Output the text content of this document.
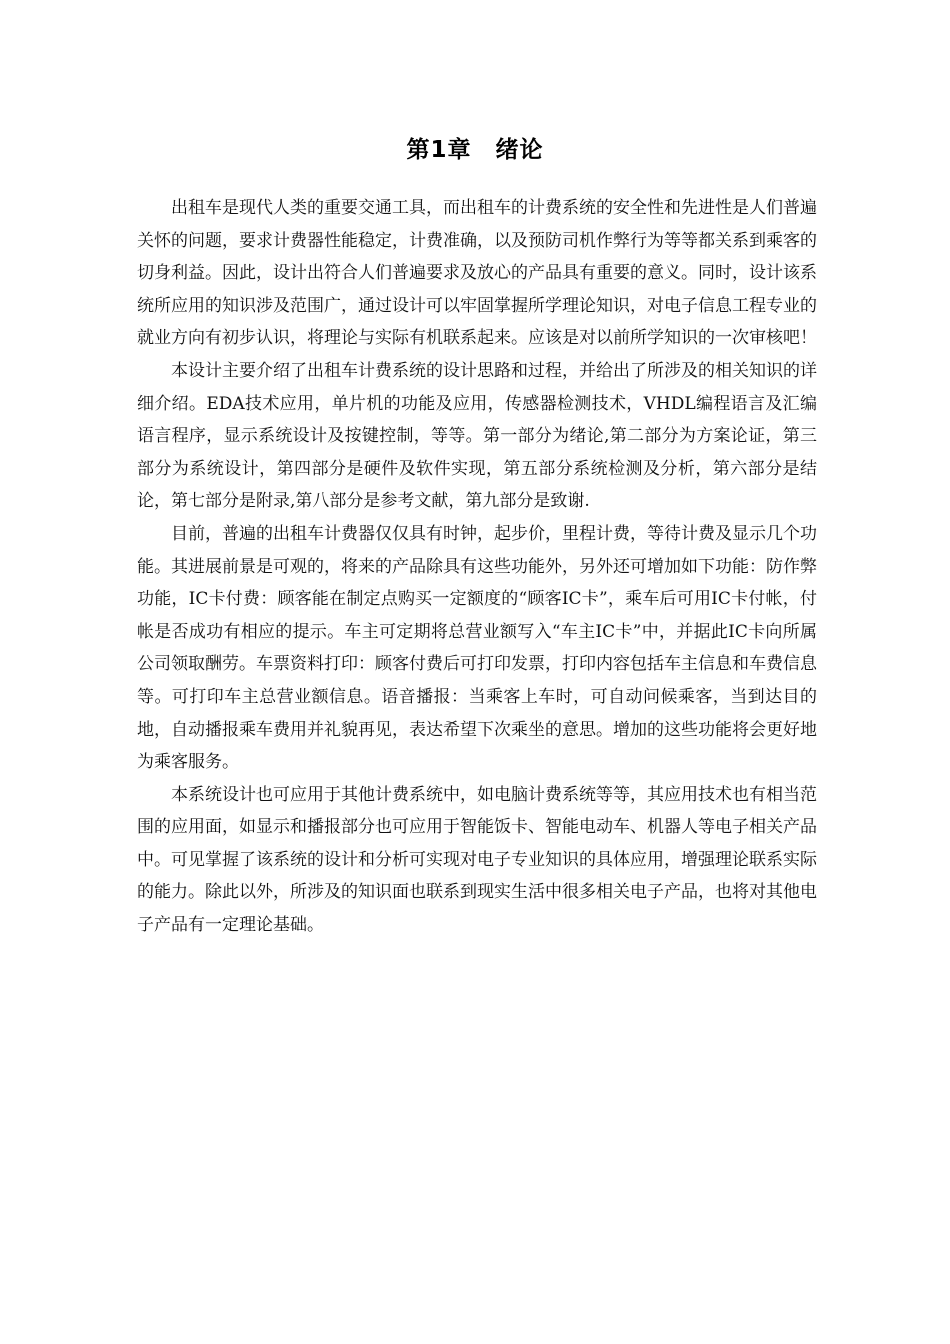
第1章　绪论

出租车是现代人类的重要交通工具，而出租车的计费系统的安全性和先进性是人们普遍关怀的问题，要求计费器性能稳定，计费准确，以及预防司机作弊行为等等都关系到乘客的切身利益。因此，设计出符合人们普遍要求及放心的产品具有重要的意义。同时，设计该系统所应用的知识涉及范围广，通过设计可以牢固掌握所学理论知识，对电子信息工程专业的就业方向有初步认识，将理论与实际有机联系起来。应该是对以前所学知识的一次审核吧！

本设计主要介绍了出租车计费系统的设计思路和过程，并给出了所涉及的相关知识的详细介绍。EDA技术应用，单片机的功能及应用，传感器检测技术，VHDL编程语言及汇编语言程序，显示系统设计及按键控制，等等。第一部分为绪论,第二部分为方案论证，第三部分为系统设计，第四部分是硬件及软件实现，第五部分系统检测及分析，第六部分是结论，第七部分是附录,第八部分是参考文献，第九部分是致谢.

目前，普遍的出租车计费器仅仅具有时钟，起步价，里程计费，等待计费及显示几个功能。其进展前景是可观的，将来的产品除具有这些功能外，另外还可增加如下功能：防作弊功能，IC卡付费：顾客能在制定点购买一定额度的“顾客IC卡”，乘车后可用IC卡付帐，付帐是否成功有相应的提示。车主可定期将总营业额写入“车主IC卡”中，并据此IC卡向所属公司领取酬劳。车票资料打印：顾客付费后可打印发票，打印内容包括车主信息和车费信息等。可打印车主总营业额信息。语音播报：当乘客上车时，可自动问候乘客，当到达目的地，自动播报乘车费用并礼貌再见，表达希望下次乘坐的意思。增加的这些功能将会更好地为乘客服务。

本系统设计也可应用于其他计费系统中，如电脑计费系统等等，其应用技术也有相当范围的应用面，如显示和播报部分也可应用于智能饭卡、智能电动车、机器人等电子相关产品中。可见掌握了该系统的设计和分析可实现对电子专业知识的具体应用，增强理论联系实际的能力。除此以外，所涉及的知识面也联系到现实生活中很多相关电子产品，也将对其他电子产品有一定理论基础。
